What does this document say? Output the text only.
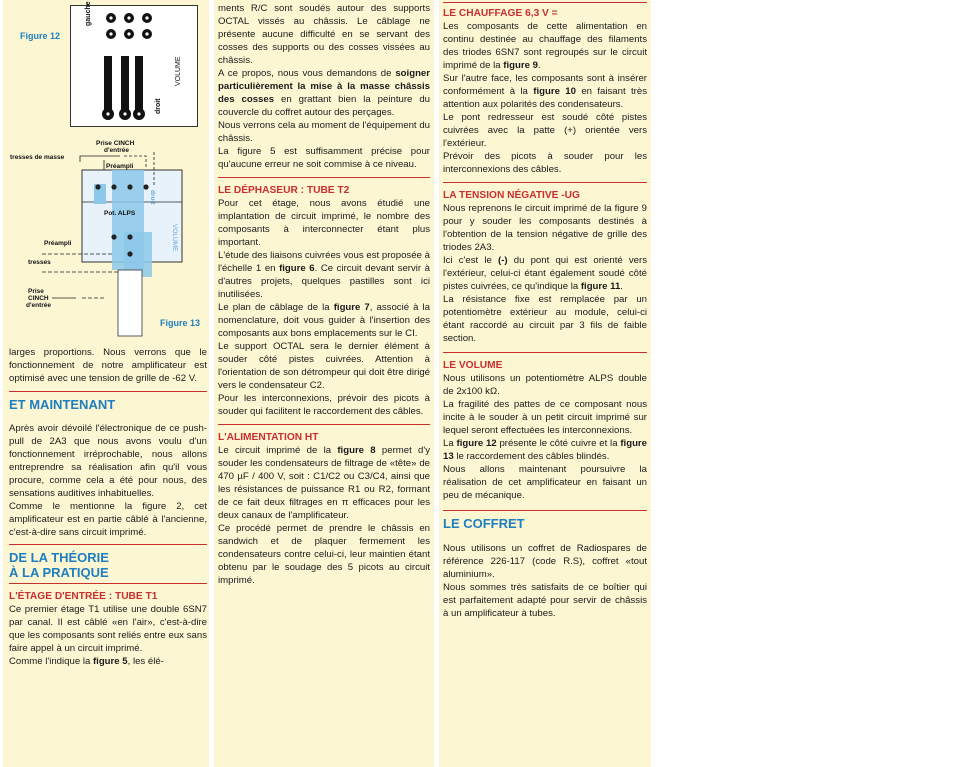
Figure 12
gauche
droit
VOLUME
Prise CINCH
d'entrée
tresses de masse
Préampli
Pot. ALPS
droit
VOLUME
Préampli
tresses
Prise
CINCH
d'entrée
Figure 13

larges proportions. Nous verrons que le fonctionnement de notre amplificateur est optimisé avec une tension de grille de -62 V.

ET MAINTENANT

Après avoir dévoilé l'électronique de ce push-pull de 2A3 que nous avons voulu d'un fonctionnement irréprochable, nous allons entreprendre sa réalisation afin qu'il vous procure, comme cela a été pour nous, des sensations auditives inhabituelles.

Comme le mentionne la figure 2, cet amplificateur est en partie câblé à l'ancienne, c'est-à-dire sans circuit imprimé.

DE LA THÉORIE

À LA PRATIQUE

L'ÉTAGE D'ENTRÉE : TUBE T1

Ce premier étage T1 utilise une double 6SN7 par canal. Il est câblé «en l'air», c'est-à-dire que les composants sont reliés entre eux sans faire appel à un circuit imprimé.

Comme l'indique la figure 5, les élé-

ments R/C sont soudés autour des supports OCTAL vissés au châssis. Le câblage ne présente aucune difficulté en se servant des cosses des supports ou des cosses vissées au châssis.

A ce propos, nous vous demandons de soigner particulièrement la mise à la masse châssis des cosses en grattant bien la peinture du couvercle du coffret autour des perçages.

Nous verrons cela au moment de l'équipement du châssis.

La figure 5 est suffisamment précise pour qu'aucune erreur ne soit commise à ce niveau.

LE DÉPHASEUR : TUBE T2

Pour cet étage, nous avons étudié une implantation de circuit imprimé, le nombre des composants à interconnecter étant plus important.

L'étude des liaisons cuivrées vous est proposée à l'échelle 1 en figure 6. Ce circuit devant servir à d'autres projets, quelques pastilles sont ici inutilisées.

Le plan de câblage de la figure 7, associé à la nomenclature, doit vous guider à l'insertion des composants aux bons emplacements sur le CI.

Le support OCTAL sera le dernier élément à souder côté pistes cuivrées. Attention à l'orientation de son détrompeur qui doit être dirigé vers le condensateur C2.

Pour les interconnexions, prévoir des picots à souder qui facilitent le raccordement des câbles.

L'ALIMENTATION HT

Le circuit imprimé de la figure 8 permet d'y souder les condensateurs de filtrage de «tête» de 470 µF / 400 V, soit : C1/C2 ou C3/C4, ainsi que les résistances de puissance R1 ou R2, formant de ce fait deux filtrages en π efficaces pour les deux canaux de l'amplificateur.

Ce procédé permet de prendre le châssis en sandwich et de plaquer fermement les condensateurs contre celui-ci, leur maintien étant obtenu par le soudage des 5 picots au circuit imprimé.

LE CHAUFFAGE 6,3 V =

Les composants de cette alimentation en continu destinée au chauffage des filaments des triodes 6SN7 sont regroupés sur le circuit imprimé de la figure 9.

Sur l'autre face, les composants sont à insérer conformément à la figure 10 en faisant très attention aux polarités des condensateurs.

Le pont redresseur est soudé côté pistes cuivrées avec la patte (+) orientée vers l'extérieur.

Prévoir des picots à souder pour les interconnexions des câbles.

LA TENSION NÉGATIVE -UG

Nous reprenons le circuit imprimé de la figure 9 pour y souder les composants destinés à l'obtention de la tension négative de grille des triodes 2A3.

Ici c'est le (-) du pont qui est orienté vers l'extérieur, celui-ci étant également soudé côté pistes cuivrées, ce qu'indique la figure 11.

La résistance fixe est remplacée par un potentiomètre extérieur au module, celui-ci étant raccordé au circuit par 3 fils de faible section.

LE VOLUME

Nous utilisons un potentiomètre ALPS double de 2x100 kΩ.

La fragilité des pattes de ce composant nous incite à le souder à un petit circuit imprimé sur lequel seront effectuées les interconnexions.

La figure 12 présente le côté cuivre et la figure 13 le raccordement des câbles blindés.

Nous allons maintenant poursuivre la réalisation de cet amplificateur en faisant un peu de mécanique.

LE COFFRET

Nous utilisons un coffret de Radiospares de référence 226-117 (code R.S), coffret «tout aluminium».

Nous sommes très satisfaits de ce boîtier qui est parfaitement adapté pour servir de châssis à un amplificateur à tubes.
